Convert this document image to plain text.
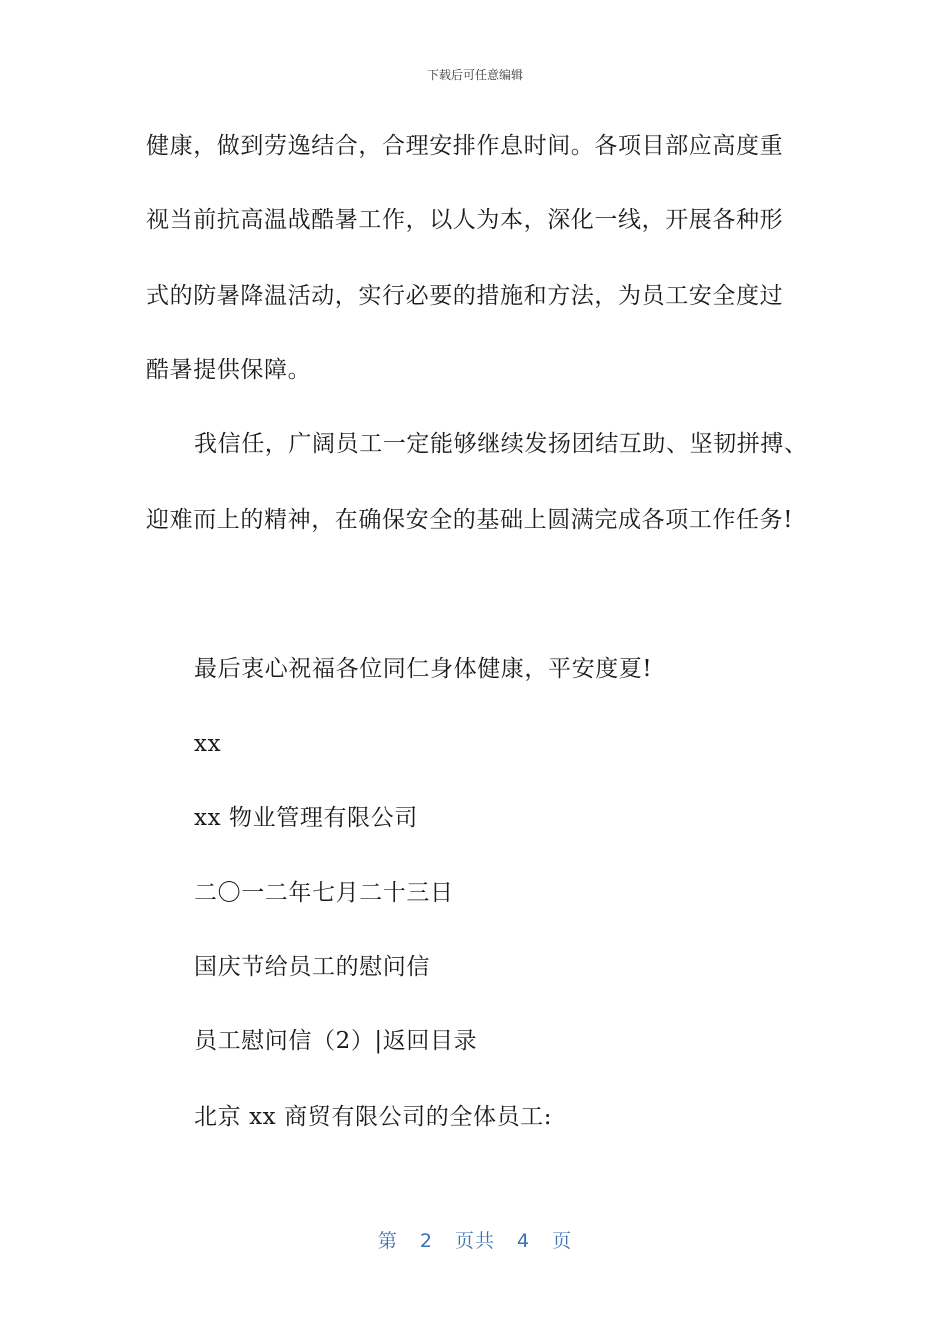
下载后可任意编辑
健康，做到劳逸结合，合理安排作息时间。各项目部应高度重
视当前抗高温战酷暑工作，以人为本，深化一线，开展各种形
式的防暑降温活动，实行必要的措施和方法，为员工安全度过
酷暑提供保障。
我信任，广阔员工一定能够继续发扬团结互助、坚韧拼搏、
迎难而上的精神，在确保安全的基础上圆满完成各项工作任务!
最后衷心祝福各位同仁身体健康，平安度夏!
xx
xx 物业管理有限公司
二〇一二年七月二十三日
国庆节给员工的慰问信
员工慰问信（2）|返回目录
北京 xx 商贸有限公司的全体员工:
第 2 页共 4 页
